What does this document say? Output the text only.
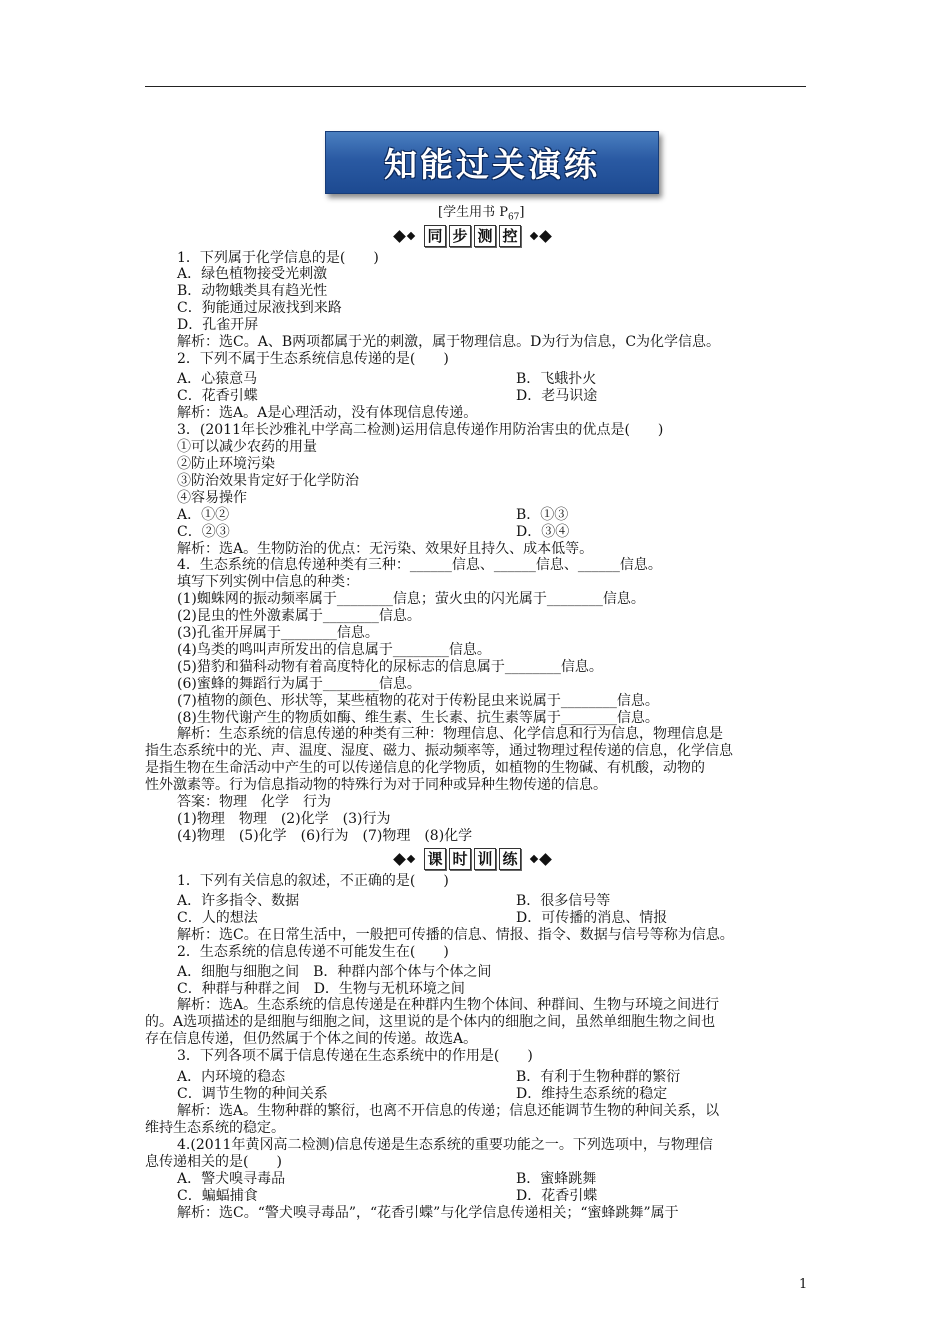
知能过关演练
[学生用书 $P_{67}$]
同 步 测 控
1．下列属于化学信息的是(　　)
A．绿色植物接受光刺激
B．动物蛾类具有趋光性
C．狗能通过尿液找到来路
D．孔雀开屏
解析：选C。A、B两项都属于光的刺激，属于物理信息。D为行为信息，C为化学信息。
2．下列不属于生态系统信息传递的是(　　)
A．心猿意马	B．飞蛾扑火
C．花香引蝶	D．老马识途
解析：选A。A是心理活动，没有体现信息传递。
3．(2011年长沙雅礼中学高二检测)运用信息传递作用防治害虫的优点是(　　)
①可以减少农药的用量
②防止环境污染
③防治效果肯定好于化学防治
④容易操作
A．①②	B．①③
C．②③	D．③④
解析：选A。生物防治的优点：无污染、效果好且持久、成本低等。
4．生态系统的信息传递种类有三种：______信息、______信息、______信息。
填写下列实例中信息的种类：
(1)蜘蛛网的振动频率属于________信息；萤火虫的闪光属于________信息。
(2)昆虫的性外激素属于________信息。
(3)孔雀开屏属于________信息。
(4)鸟类的鸣叫声所发出的信息属于________信息。
(5)猎豹和猫科动物有着高度特化的尿标志的信息属于________信息。
(6)蜜蜂的舞蹈行为属于________信息。
(7)植物的颜色、形状等，某些植物的花对于传粉昆虫来说属于________信息。
(8)生物代谢产生的物质如酶、维生素、生长素、抗生素等属于________信息。
解析：生态系统的信息传递的种类有三种：物理信息、化学信息和行为信息，物理信息是
指生态系统中的光、声、温度、湿度、磁力、振动频率等，通过物理过程传递的信息，化学信息
是指生物在生命活动中产生的可以传递信息的化学物质，如植物的生物碱、有机酸，动物的
性外激素等。行为信息指动物的特殊行为对于同种或异种生物传递的信息。
答案：物理　化学　行为
(1)物理　物理　(2)化学　(3)行为
(4)物理　(5)化学　(6)行为　(7)物理　(8)化学
课 时 训 练
1．下列有关信息的叙述，不正确的是(　　)
A．许多指令、数据	B．很多信号等
C．人的想法	D．可传播的消息、情报
解析：选C。在日常生活中，一般把可传播的信息、情报、指令、数据与信号等称为信息。
2．生态系统的信息传递不可能发生在(　　)
A．细胞与细胞之间　B．种群内部个体与个体之间
C．种群与种群之间　D．生物与无机环境之间
解析：选A。生态系统的信息传递是在种群内生物个体间、种群间、生物与环境之间进行
的。A选项描述的是细胞与细胞之间，这里说的是个体内的细胞之间，虽然单细胞生物之间也
存在信息传递，但仍然属于个体之间的传递。故选A。
3．下列各项不属于信息传递在生态系统中的作用是(　　)
A．内环境的稳态	B．有利于生物种群的繁衍
C．调节生物的种间关系	D．维持生态系统的稳定
解析：选A。生物种群的繁衍，也离不开信息的传递；信息还能调节生物的种间关系，以
维持生态系统的稳定。
4.(2011年黄冈高二检测)信息传递是生态系统的重要功能之一。下列选项中，与物理信
息传递相关的是(　　)
A．警犬嗅寻毒品	B．蜜蜂跳舞
C．蝙蝠捕食	D．花香引蝶
解析：选C。“警犬嗅寻毒品”，“花香引蝶”与化学信息传递相关；“蜜蜂跳舞”属于
1
